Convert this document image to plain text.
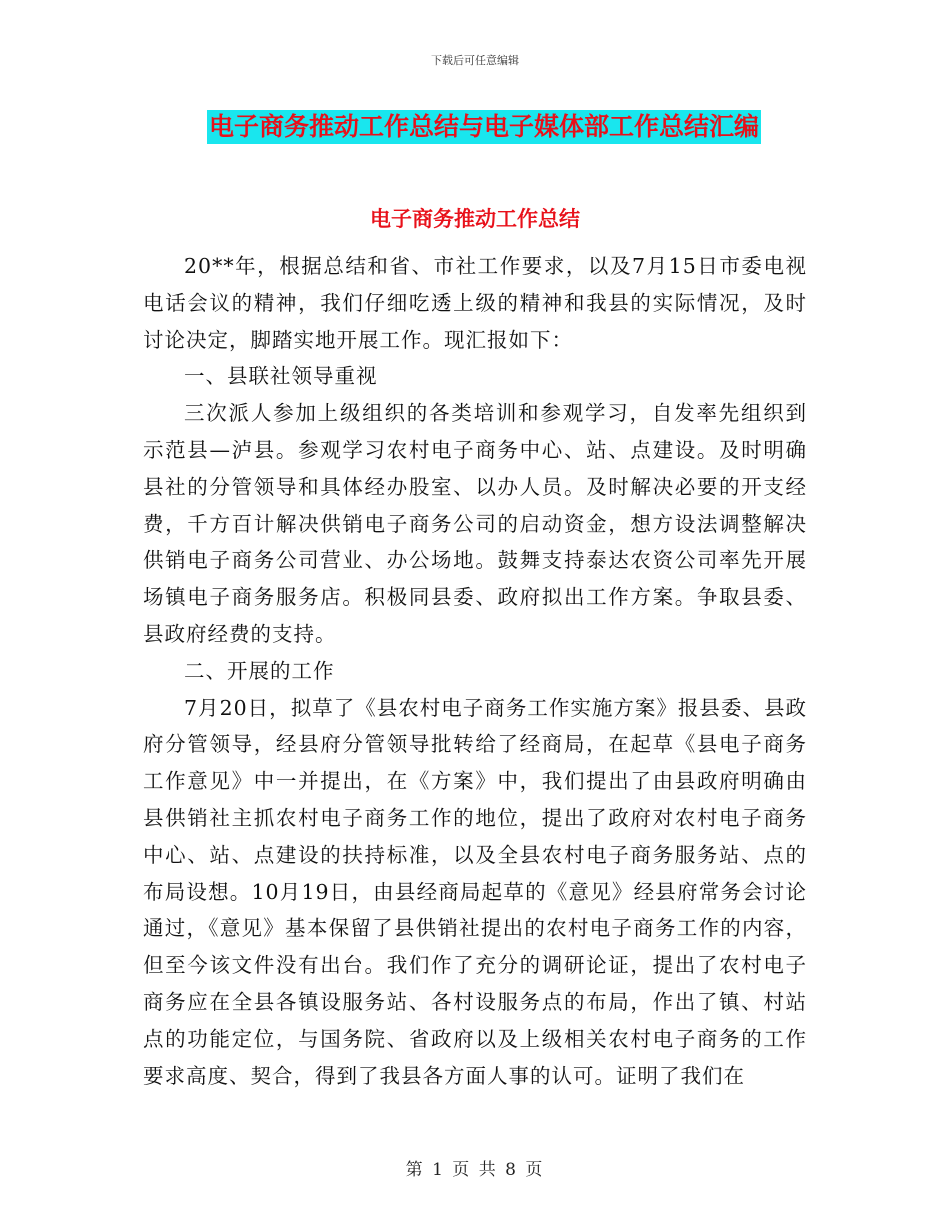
下载后可任意编辑
电子商务推动工作总结与电子媒体部工作总结汇编
电子商务推动工作总结

20**年，根据总结和省、市社工作要求，以及7月15日市委电视电话会议的精神，我们仔细吃透上级的精神和我县的实际情况，及时讨论决定，脚踏实地开展工作。现汇报如下：

一、县联社领导重视

三次派人参加上级组织的各类培训和参观学习，自发率先组织到示范县—泸县。参观学习农村电子商务中心、站、点建设。及时明确县社的分管领导和具体经办股室、以办人员。及时解决必要的开支经费，千方百计解决供销电子商务公司的启动资金，想方设法调整解决供销电子商务公司营业、办公场地。鼓舞支持泰达农资公司率先开展场镇电子商务服务店。积极同县委、政府拟出工作方案。争取县委、县政府经费的支持。

二、开展的工作

7月20日，拟草了《县农村电子商务工作实施方案》报县委、县政府分管领导，经县府分管领导批转给了经商局，在起草《县电子商务工作意见》中一并提出，在《方案》中，我们提出了由县政府明确由县供销社主抓农村电子商务工作的地位，提出了政府对农村电子商务中心、站、点建设的扶持标准，以及全县农村电子商务服务站、点的布局设想。10月19日，由县经商局起草的《意见》经县府常务会讨论通过，《意见》基本保留了县供销社提出的农村电子商务工作的内容，但至今该文件没有出台。我们作了充分的调研论证，提出了农村电子商务应在全县各镇设服务站、各村设服务点的布局，作出了镇、村站点的功能定位，与国务院、省政府以及上级相关农村电子商务的工作要求高度、契合，得到了我县各方面人事的认可。证明了我们在

第 1 页 共 8 页
